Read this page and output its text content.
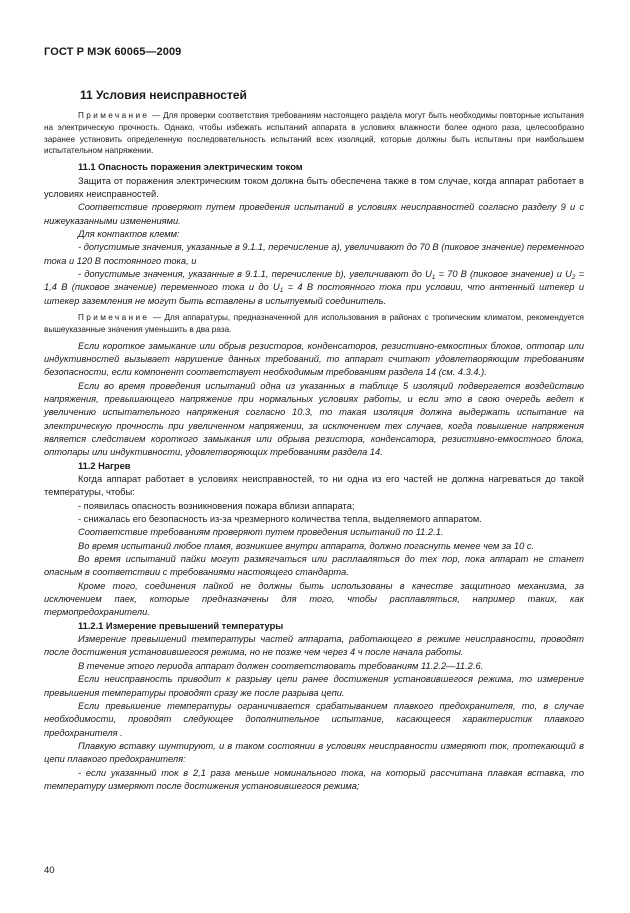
ГОСТ Р МЭК 60065—2009
11 Условия неисправностей

Примечание — Для проверки соответствия требованиям настоящего раздела могут быть необходимы повторные испытания на электрическую прочность. Однако, чтобы избежать испытаний аппарата в условиях влажности более одного раза, целесообразно заранее установить определенную последовательность испытаний всех изоляций, которые должны быть испытаны при наибольшем испытательном напряжении.

11.1 Опасность поражения электрическим током

Защита от поражения электрическим током должна быть обеспечена также в том случае, когда аппарат работает в условиях неисправностей.

Соответствие проверяют путем проведения испытаний в условиях неисправностей согласно разделу 9 и с нижеуказанными изменениями.

Для контактов клемм:

- допустимые значения, указанные в 9.1.1, перечисление а), увеличивают до 70 В (пиковое значение) переменного тока и 120 В постоянного тока, и

- допустимые значения, указанные в 9.1.1, перечисление b), увеличивают до $U_1 = 70$ В (пиковое значение) и $U_2 = 1,4$ В (пиковое значение) переменного тока и до $U_1 = 4$ В постоянного тока при условии, что антенный штекер и штекер заземления не могут быть вставлены в испытуемый соединитель.

Примечание — Для аппаратуры, предназначенной для использования в районах с тропическим климатом, рекомендуется вышеуказанные значения уменьшить в два раза.

Если короткое замыкание или обрыв резисторов, конденсаторов, резистивно-емкостных блоков, оптопар или индуктивностей вызывает нарушение данных требований, то аппарат считают удовлетворяющим требованиям безопасности, если компонент соответствует необходимым требованиям раздела 14 (см. 4.3.4.).

Если во время проведения испытаний одна из указанных в таблице 5 изоляций подвергается воздействию напряжения, превышающего напряжение при нормальных условиях работы, и если это в свою очередь ведет к увеличению испытательного напряжения согласно 10.3, то такая изоляция должна выдержать испытание на электрическую прочность при увеличенном напряжении, за исключением тех случаев, когда повышение напряжения является следствием короткого замыкания или обрыва резистора, конденсатора, резистивно-емкостного блока, оптопары или индуктивности, удовлетворяющих требованиям раздела 14.

11.2 Нагрев

Когда аппарат работает в условиях неисправностей, то ни одна из его частей не должна нагреваться до такой температуры, чтобы:

- появилась опасность возникновения пожара вблизи аппарата;

- снижалась его безопасность из-за чрезмерного количества тепла, выделяемого аппаратом.

Соответствие требованиям проверяют путем проведения испытаний по 11.2.1.

Во время испытаний любое пламя, возникшее внутри аппарата, должно погаснуть менее чем за 10 с.

Во время испытаний пайки могут размягчаться или расплавляться до тех пор, пока аппарат не станет опасным в соответствии с требованиями настоящего стандарта.

Кроме того, соединения пайкой не должны быть использованы в качестве защитного механизма, за исключением паек, которые предназначены для того, чтобы расплавляться, например таких, как термопредохранители.

11.2.1 Измерение превышений температуры

Измерение превышений температуры частей аппарата, работающего в режиме неисправности, проводят после достижения установившегося режима, но не позже чем через 4 ч после начала работы.

В течение этого периода аппарат должен соответствовать требованиям 11.2.2—11.2.6.

Если неисправность приводит к разрыву цепи ранее достижения установившегося режима, то измерение превышения температуры проводят сразу же после разрыва цепи.

Если превышение температуры ограничивается срабатыванием плавкого предохранителя, то, в случае необходимости, проводят следующее дополнительное испытание, касающееся характеристик плавкого предохранителя .

Плавкую вставку шунтируют, и в таком состоянии в условиях неисправности измеряют ток, протекающий в цепи плавкого предохранителя:

- если указанный ток в 2,1 раза меньше номинального тока, на который рассчитана плавкая вставка, то температуру измеряют после достижения установившегося режима;

40
